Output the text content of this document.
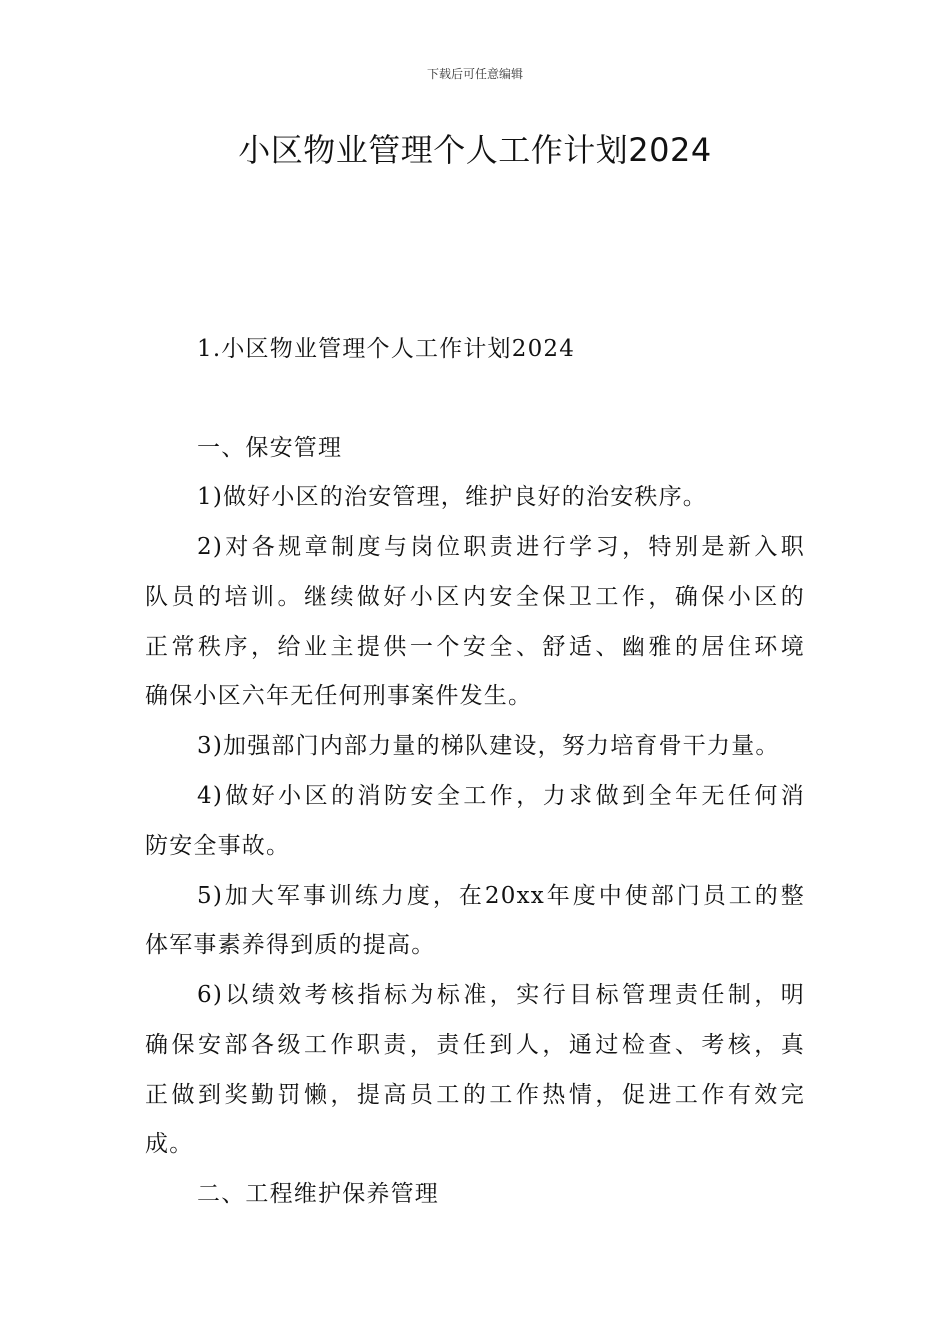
下载后可任意编辑
小区物业管理个人工作计划2024
1.小区物业管理个人工作计划2024
一、保安管理
1)做好小区的治安管理，维护良好的治安秩序。
2)对各规章制度与岗位职责进行学习，特别是新入职
队员的培训。继续做好小区内安全保卫工作，确保小区的
正常秩序，给业主提供一个安全、舒适、幽雅的居住环境
确保小区六年无任何刑事案件发生。
3)加强部门内部力量的梯队建设，努力培育骨干力量。
4)做好小区的消防安全工作，力求做到全年无任何消
防安全事故。
5)加大军事训练力度，在20xx年度中使部门员工的整
体军事素养得到质的提高。
6)以绩效考核指标为标准，实行目标管理责任制，明
确保安部各级工作职责，责任到人，通过检查、考核，真
正做到奖勤罚懒，提高员工的工作热情，促进工作有效完
成。
二、工程维护保养管理
